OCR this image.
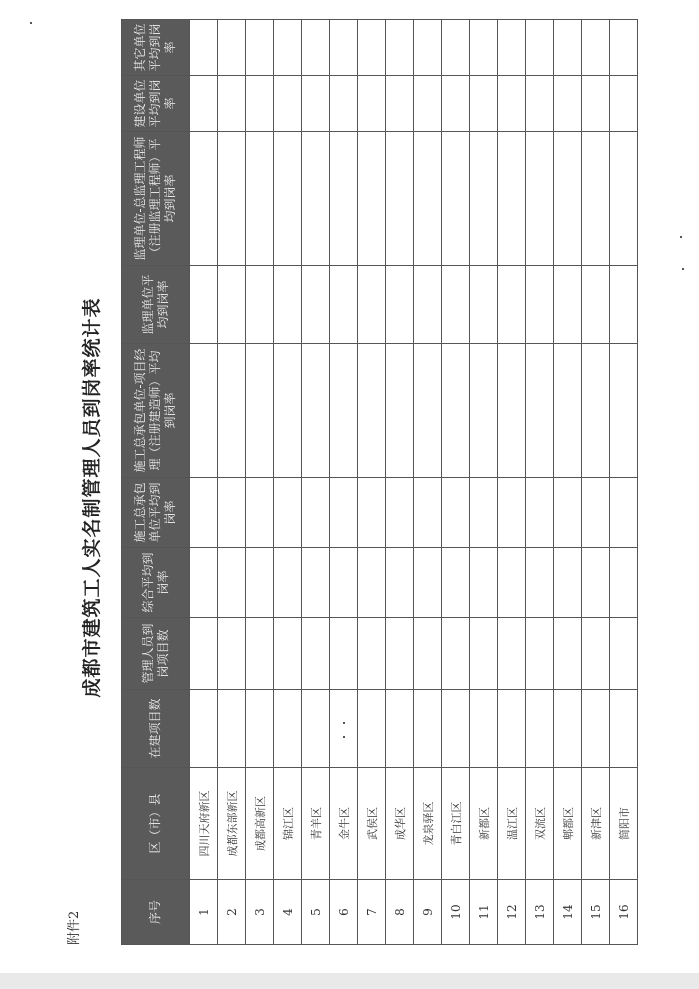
附件2
成都市建筑工人实名制管理人员到岗率统计表
序号	区（市）县	在建项目数	管理人员到岗项目数	综合平均到岗率	施工总承包单位平均到岗率	施工总承包单位-项目经理（注册建造师）平均到岗率	监理单位平均到岗率	监理单位-总监理工程师（注册监理工程师）平均到岗率	建设单位平均到岗率	其它单位平均到岗率
1	四川天府新区									
2	成都东部新区									
3	成都高新区									
4	锦江区									
5	青羊区									
6	金牛区									
7	武侯区									
8	成华区									
9	龙泉驿区									
10	青白江区									
11	新都区									
12	温江区									
13	双流区									
14	郫都区									
15	新津区									
16	简阳市									
